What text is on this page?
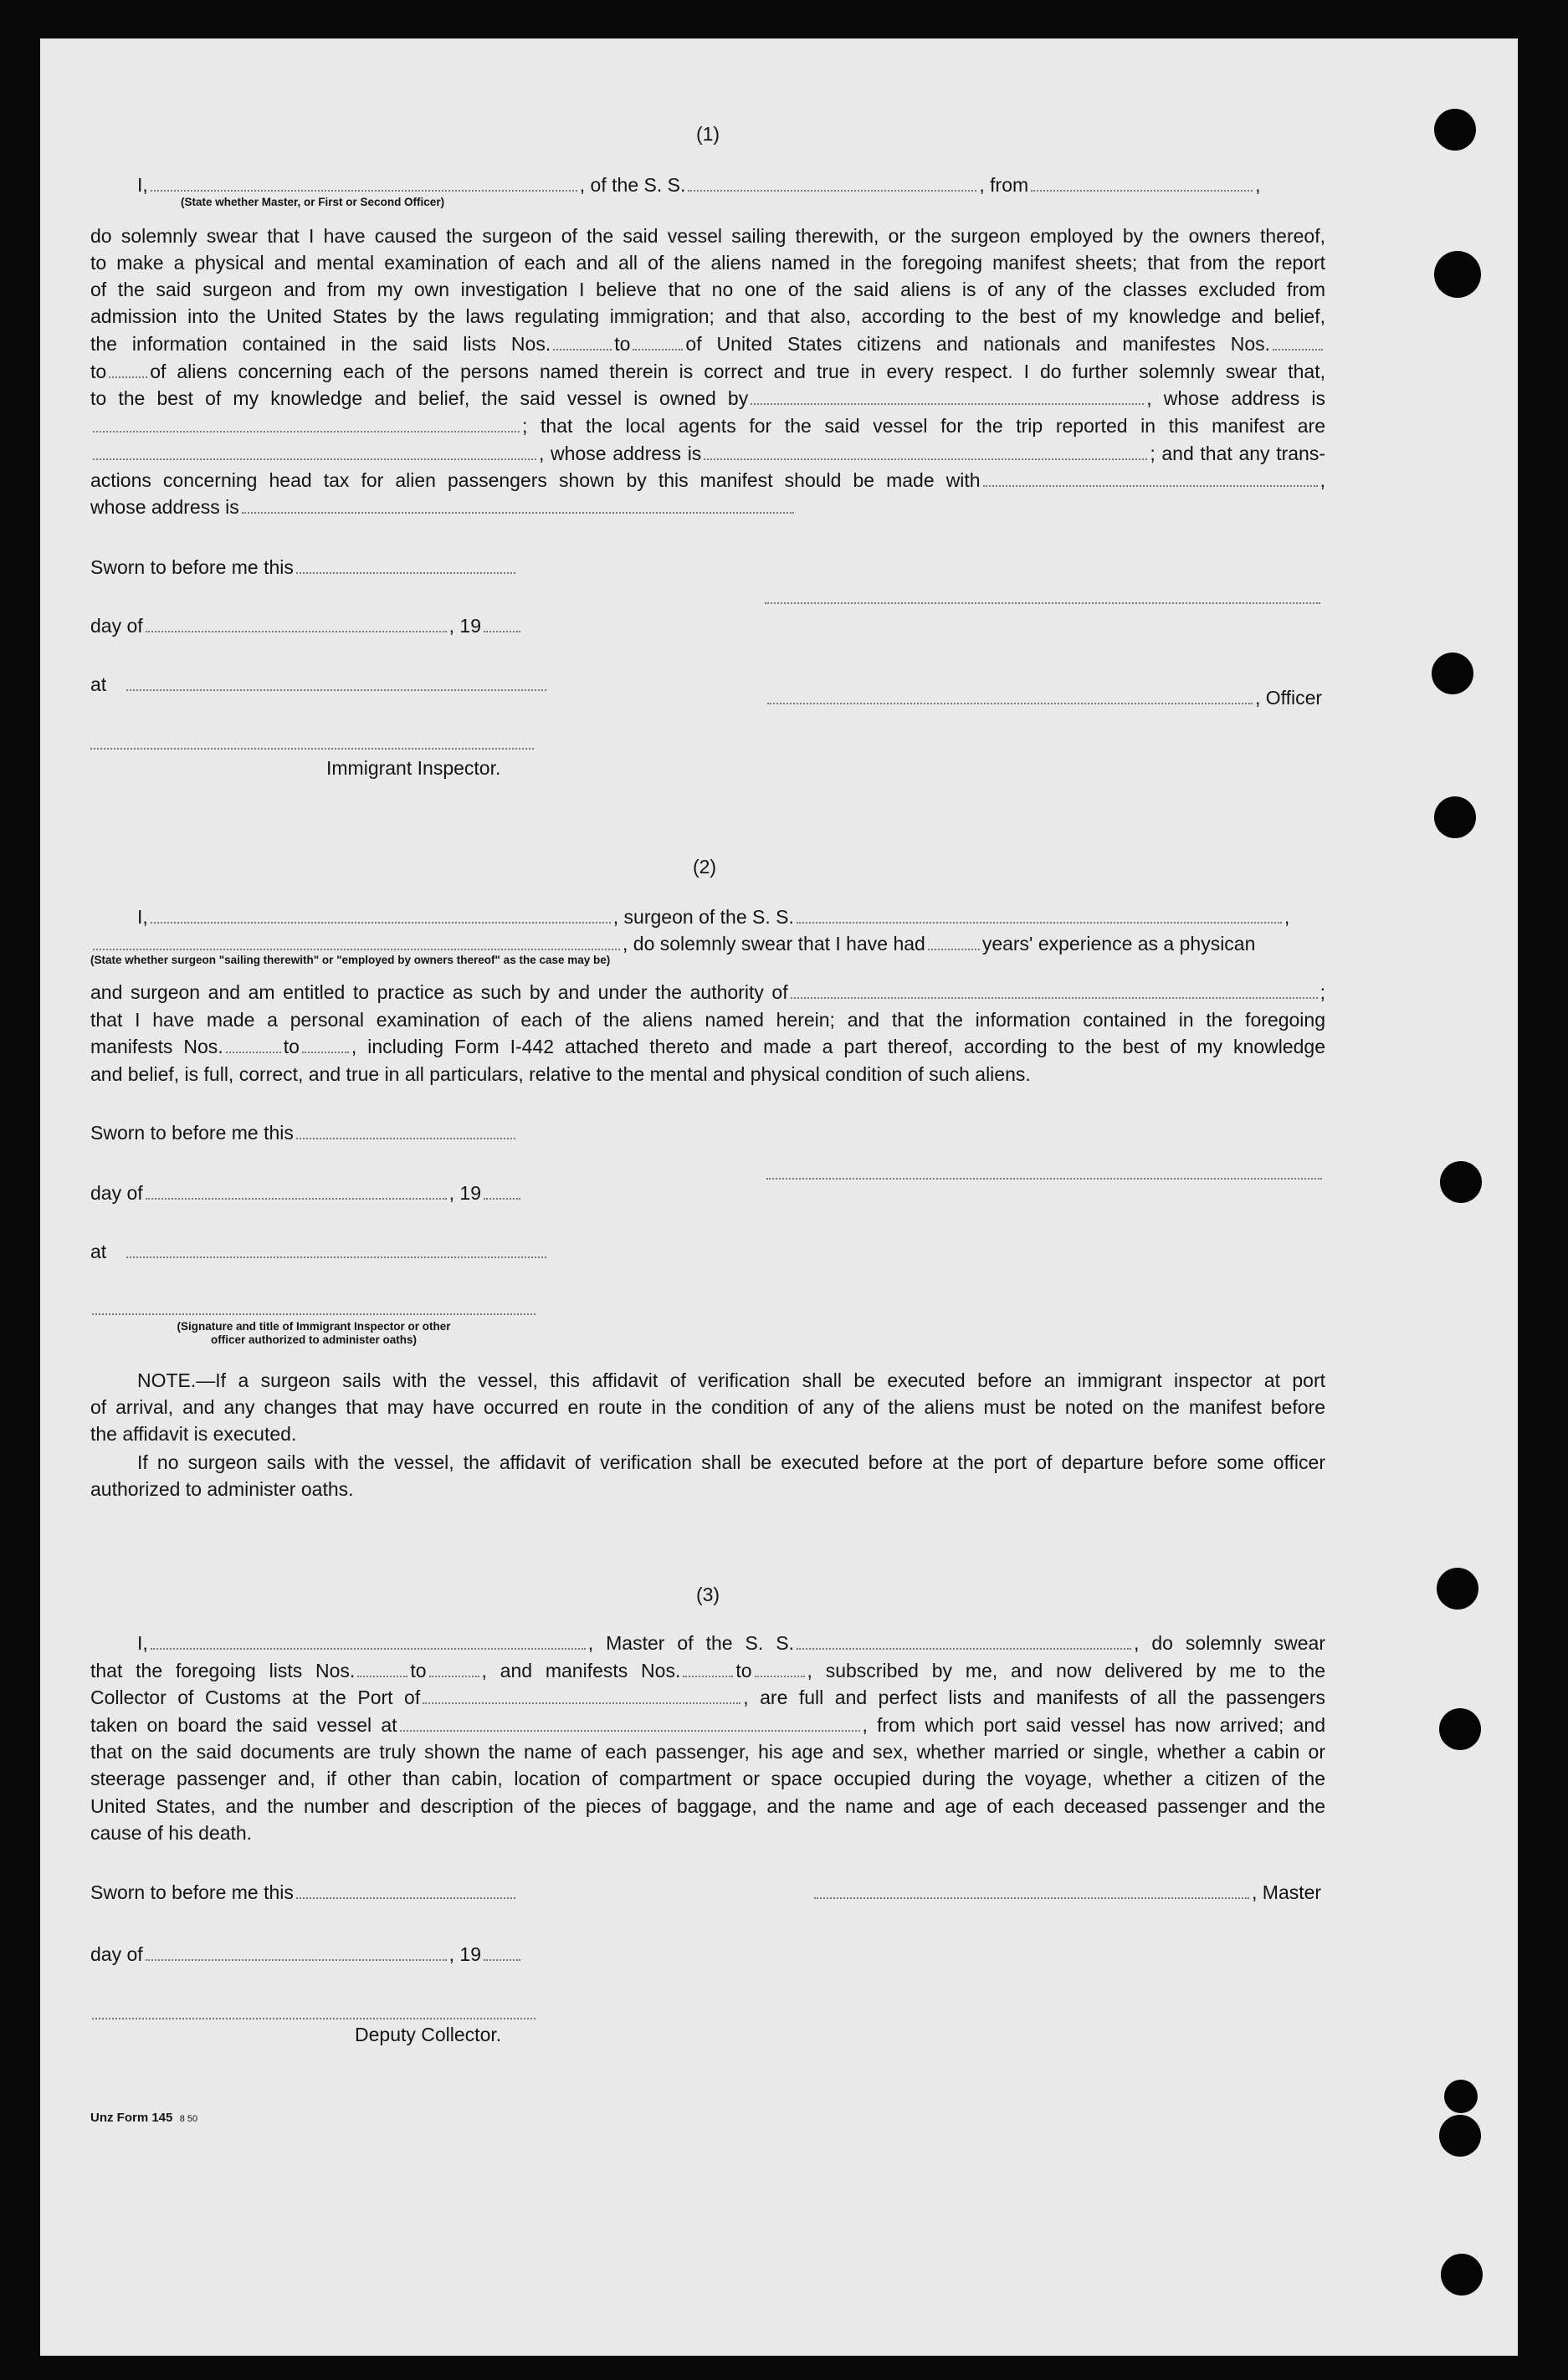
(1)
I,	, of the S. S.	, from	,
(State whether Master, or First or Second Officer)
do solemnly swear that I have caused the surgeon of the said vessel sailing therewith, or the surgeon employed by the owners thereof,
to make a physical and mental examination of each and all of the aliens named in the foregoing manifest sheets; that from the report
of the said surgeon and from my own investigation I believe that no one of the said aliens is of any of the classes excluded from
admission into the United States by the laws regulating immigration; and that also, according to the best of my knowledge and belief,
the information contained in the said lists Nos.	to	of United States citizens and nationals and manifestes Nos.
to of aliens concerning each of the persons named therein is correct and true in every respect. I do further solemnly swear that,
to the best of my knowledge and belief, the said vessel is owned by	, whose address is
; that the local agents for the said vessel for the trip reported in this manifest are
, whose address is	; and that any trans-
actions concerning head tax for alien passengers shown by this manifest should be made with	,
whose address is
Sworn to before me this
day of	, 19
at
, Officer
Immigrant Inspector.
(2)
I,	, surgeon of the S. S.	,
, do solemnly swear that I have had	years' experience as a physican
(State whether surgeon "sailing therewith" or "employed by owners thereof" as the case may be)
and surgeon and am entitled to practice as such by and under the authority of	;
that I have made a personal examination of each of the aliens named herein; and that the information contained in the foregoing
manifests Nos.	to	, including Form I-442 attached thereto and made a part thereof, according to the best of my knowledge
and belief, is full, correct, and true in all particulars, relative to the mental and physical condition of such aliens.
Sworn to before me this
day of	, 19
at
(Signature and title of Immigrant Inspector or other
officer authorized to administer oaths)
NOTE.—If a surgeon sails with the vessel, this affidavit of verification shall be executed before an immigrant inspector at port
of arrival, and any changes that may have occurred en route in the condition of any of the aliens must be noted on the manifest before
the affidavit is executed.
If no surgeon sails with the vessel, the affidavit of verification shall be executed before at the port of departure before some officer
authorized to administer oaths.
(3)
I,	, Master of the S. S.	, do solemnly swear
that the foregoing lists Nos.	to	, and manifests Nos.	to	, subscribed by me, and now delivered by me to the
Collector of Customs at the Port of	, are full and perfect lists and manifests of all the passengers
taken on board the said vessel at	, from which port said vessel has now arrived; and
that on the said documents are truly shown the name of each passenger, his age and sex, whether married or single, whether a cabin or
steerage passenger and, if other than cabin, location of compartment or space occupied during the voyage, whether a citizen of the
United States, and the number and description of the pieces of baggage, and the name and age of each deceased passenger and the
cause of his death.
Sworn to before me this	, Master
day of	, 19
Deputy Collector.
Unz Form 145 8 50
